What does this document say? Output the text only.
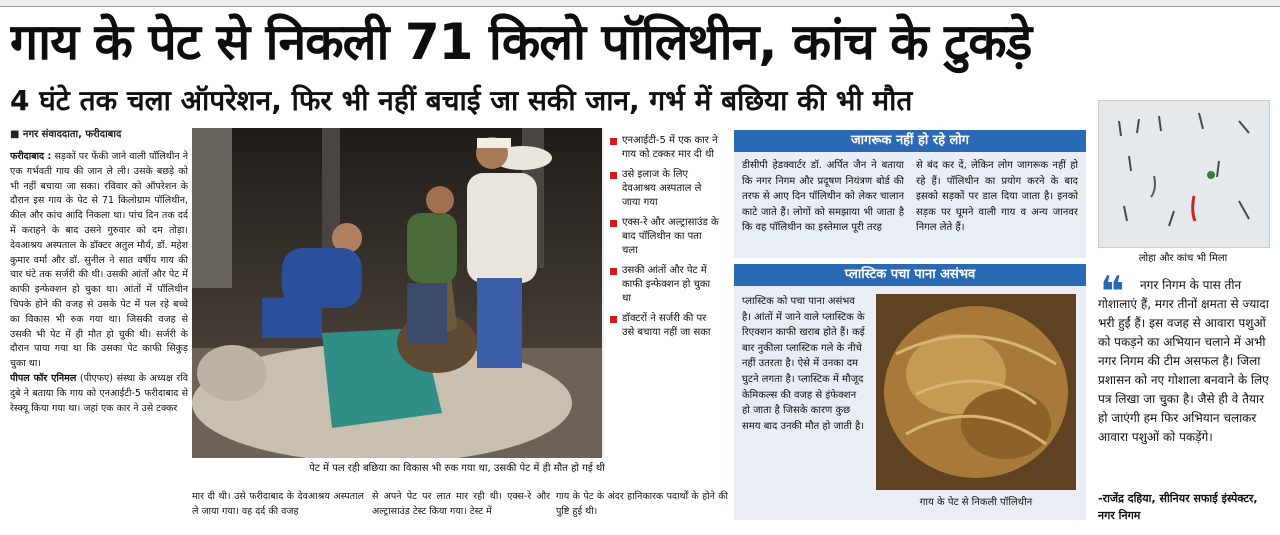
गाय के पेट से निकली 71 किलो पॉलिथीन, कांच के टुकड़े
4 घंटे तक चला ऑपरेशन, फिर भी नहीं बचाई जा सकी जान, गर्भ में बछिया की भी मौत
■ नगर संवाददाता, फरीदाबाद
फरीदाबाद : सड़कों पर फेंकी जाने वाली पॉलिथीन ने एक गर्भवती गाय की जान ले ली। उसके बछड़े को भी नहीं बचाया जा सका। रविवार को ऑपरेशन के दौरान इस गाय के पेट से 71 किलोग्राम पॉलिथीन, कील और कांच आदि निकला था। पांच दिन तक दर्द में कराहने के बाद उसने गुरुवार को दम तोड़ा। देवआश्रय अस्पताल के डॉक्टर अतुल मौर्य, डॉ. महेश कुमार वर्मा और डॉ. सुनील ने सात वर्षीय गाय की चार घंटे तक सर्जरी की थी। उसकी आंतों और पेट में काफी इन्फेक्शन हो चुका था। आंतों में पॉलिथीन चिपके होने की वजह से उसके पेट में पल रहे बच्चे का विकास भी रुक गया था। जिसकी वजह से उसकी भी पेट में ही मौत हो चुकी थी। सर्जरी के दौरान पाया गया था कि उसका पेट काफी सिकुड़ चुका था।
पीपल फॉर एनिमल (पीएफए) संस्था के अध्यक्ष रवि दुबे ने बताया कि गाय को एनआईटी-5 फरीदाबाद से रेस्क्यू किया गया था। जहां एक कार ने उसे टक्कर
पेट में पल रही बछिया का विकास भी रुक गया था, उसकी पेट में ही मौत हो गई थी
एनआईटी-5 में एक कार ने गाय को टक्कर मार दी थी
उसे इलाज के लिए देवआश्रय अस्पताल ले जाया गया
एक्स-रे और अल्ट्रासाउंड के बाद पॉलिथीन का पता चला
उसकी आंतों और पेट में काफी इन्फेक्शन हो चुका था
डॉक्टरों ने सर्जरी की पर उसे बचाया नहीं जा सका
मार दी थी। उसे फरीदाबाद के देवआश्रय अस्पताल ले जाया गया। वह दर्द की वजह
से अपने पेट पर लात मार रही थी। एक्स-रे और अल्ट्रासाउंड टेस्ट किया गया। टेस्ट में
गाय के पेट के अंदर हानिकारक पदार्थों के होने की पुष्टि हुई थी।
जागरूक नहीं हो रहे लोग
डीसीपी हेडक्वार्टर डॉ. अर्पित जैन ने बताया कि नगर निगम और प्रदूषण नियंत्रण बोर्ड की तरफ से आए दिन पॉलिथीन को लेकर चालान काटे जाते हैं। लोगों को समझाया भी जाता है कि वह पॉलिथीन का इस्तेमाल पूरी तरह
से बंद कर दें, लेकिन लोग जागरूक नहीं हो रहे हैं। पॉलिथीन का प्रयोग करने के बाद इसको सड़कों पर डाल दिया जाता है। इनको सड़क पर घूमने वाली गाय व अन्य जानवर निगल लेते हैं।
प्लास्टिक पचा पाना असंभव
प्लास्टिक को पचा पाना असंभव है। आंतों में जाने वाले प्लास्टिक के रिएक्शन काफी खराब होते हैं। कई बार नुकीला प्लास्टिक गले के नीचे नहीं उतरता है। ऐसे में उनका दम घुटने लगता है। प्लास्टिक में मौजूद केमिकल्स की वजह से इंफेक्शन हो जाता है जिसके कारण कुछ समय बाद उनकी मौत हो जाती है।
गाय के पेट से निकली पॉलिथीन
लोहा और कांच भी मिला
❝	नगर निगम के पास तीन गोशालाएं हैं, मगर तीनों क्षमता से ज्यादा भरी हुईं हैं। इस वजह से आवारा पशुओं को पकड़ने का अभियान चलाने में अभी नगर निगम की टीम असफल है। जिला प्रशासन को नए गोशाला बनवाने के लिए पत्र लिखा जा चुका है। जैसे ही वे तैयार हो जाएंगी हम फिर अभियान चलाकर आवारा पशुओं को पकड़ेंगे।
-राजेंद्र दहिया, सीनियर सफाई इंस्पेक्टर, नगर निगम
